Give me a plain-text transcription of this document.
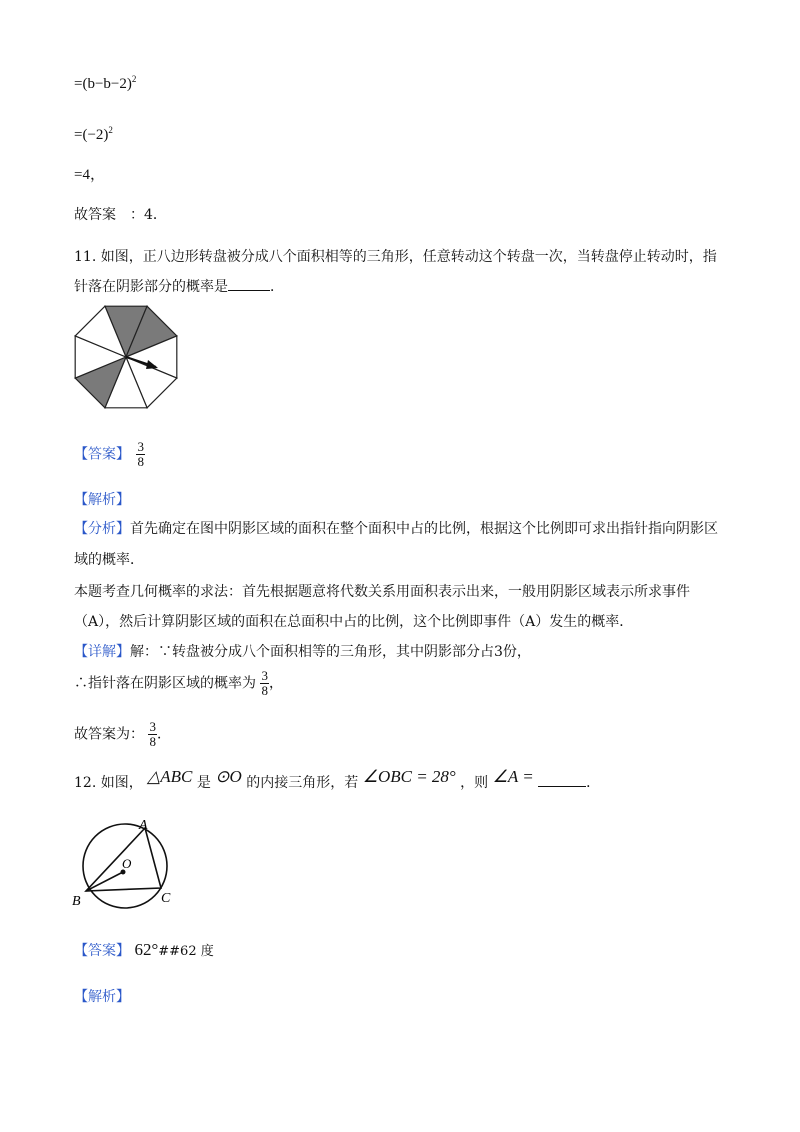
$=(b-b-2)^2$
$=(-2)^2$
=4，
故答案　：4．
11. 如图，正八边形转盘被分成八个面积相等的三角形，任意转动这个转盘一次，当转盘停止转动时，指
针落在阴影部分的概率是	．
【答案】 $\frac{3}{8}$
【解析】
【分析】首先确定在图中阴影区域的面积在整个面积中占的比例，根据这个比例即可求出指针指向阴影区
域的概率．
本题考查几何概率的求法：首先根据题意将代数关系用面积表示出来，一般用阴影区域表示所求事件
（A），然后计算阴影区域的面积在总面积中占的比例，这个比例即事件（A）发生的概率．
【详解】解：∵转盘被分成八个面积相等的三角形，其中阴影部分占3份，
∴指针落在阴影区域的概率为 $\frac{3}{8}$ ，
故答案为： $\frac{3}{8}$ ．
12. 如图， △ABC 是 ⊙O 的内接三角形，若 ∠OBC = 28° ，则 ∠A =	．
A
O
B	C
【答案】 62°##62 度
【解析】
